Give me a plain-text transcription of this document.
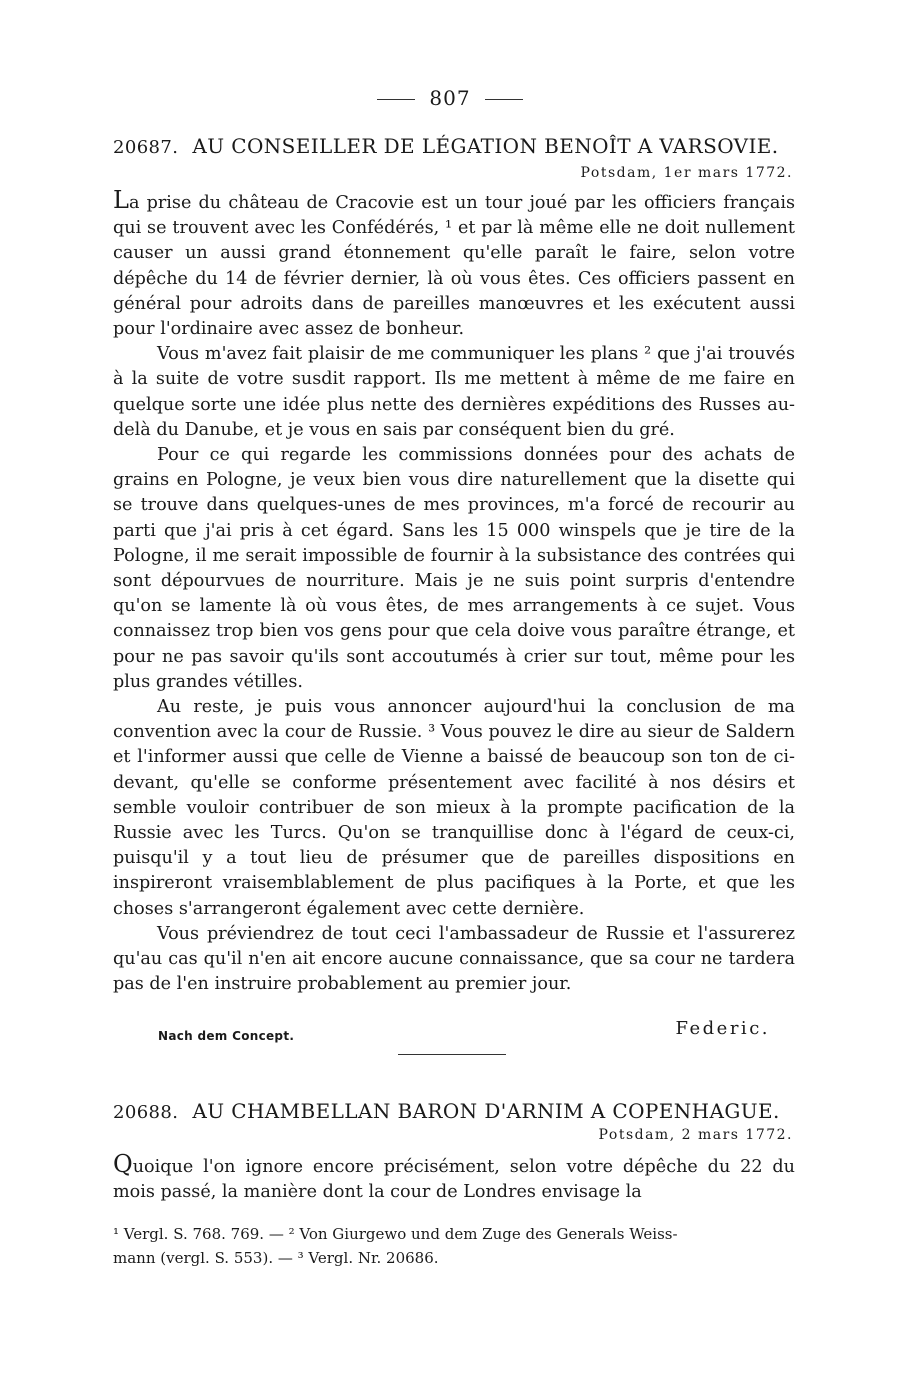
807
20687. AU CONSEILLER DE LÉGATION BENOÎT A VARSOVIE.
Potsdam, 1er mars 1772.

La prise du château de Cracovie est un tour joué par les officiers français qui se trouvent avec les Confédérés, ¹ et par là même elle ne doit nullement causer un aussi grand étonnement qu'elle paraît le faire, selon votre dépêche du 14 de février dernier, là où vous êtes. Ces officiers passent en général pour adroits dans de pareilles manœuvres et les exécutent aussi pour l'ordinaire avec assez de bonheur.

Vous m'avez fait plaisir de me communiquer les plans ² que j'ai trouvés à la suite de votre susdit rapport. Ils me mettent à même de me faire en quelque sorte une idée plus nette des dernières expéditions des Russes au-delà du Danube, et je vous en sais par conséquent bien du gré.

Pour ce qui regarde les commissions données pour des achats de grains en Pologne, je veux bien vous dire naturellement que la disette qui se trouve dans quelques-unes de mes provinces, m'a forcé de recourir au parti que j'ai pris à cet égard. Sans les 15 000 winspels que je tire de la Pologne, il me serait impossible de fournir à la subsistance des contrées qui sont dépourvues de nourriture. Mais je ne suis point surpris d'entendre qu'on se lamente là où vous êtes, de mes arrangements à ce sujet. Vous connaissez trop bien vos gens pour que cela doive vous paraître étrange, et pour ne pas savoir qu'ils sont accoutumés à crier sur tout, même pour les plus grandes vétilles.

Au reste, je puis vous annoncer aujourd'hui la conclusion de ma convention avec la cour de Russie. ³ Vous pouvez le dire au sieur de Saldern et l'informer aussi que celle de Vienne a baissé de beaucoup son ton de ci-devant, qu'elle se conforme présentement avec facilité à nos désirs et semble vouloir contribuer de son mieux à la prompte pacification de la Russie avec les Turcs. Qu'on se tranquillise donc à l'égard de ceux-ci, puisqu'il y a tout lieu de présumer que de pareilles dispositions en inspireront vraisemblablement de plus pacifiques à la Porte, et que les choses s'arrangeront également avec cette dernière.

Vous préviendrez de tout ceci l'ambassadeur de Russie et l'assurerez qu'au cas qu'il n'en ait encore aucune connaissance, que sa cour ne tardera pas de l'en instruire probablement au premier jour.

Nach dem Concept.	Federic.
20688. AU CHAMBELLAN BARON D'ARNIM A COPENHAGUE.
Potsdam, 2 mars 1772.

Quoique l'on ignore encore précisément, selon votre dépêche du 22 du mois passé, la manière dont la cour de Londres envisage la

¹ Vergl. S. 768. 769. — ² Von Giurgewo und dem Zuge des Generals Weiss-
mann (vergl. S. 553). — ³ Vergl. Nr. 20686.
